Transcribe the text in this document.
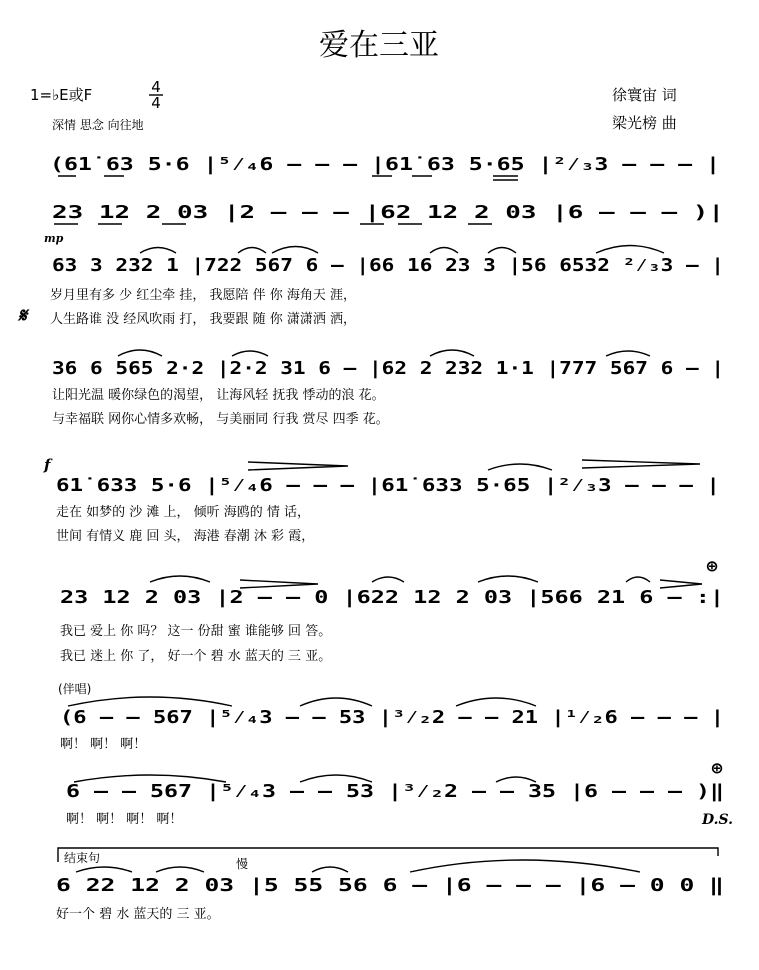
爱在三亚
1=♭E或F	4
4
深情 思念 向往地
徐寰宙 词
梁光榜 曲
(61̇ 63 5·6 |⁵⁄₄6 – – – |61̇ 63 5·65 |²⁄₃3 – – – |
23 12 2 03 |2 – – – |62 12 2 03 |6 – – – )|
mp
63 3 232 1 |722 567 6 – |66 16 23 3 |56 6532 ²⁄₃3 – |
岁月里有多 少 红尘牵 挂， 我愿陪 伴 你 海角天 涯，
𝄋 人生路谁 没 经风吹雨 打， 我要跟 随 你 潇潇洒 洒，
36 6 565 2·2 |2·2 31 6 – |62 2 232 1·1 |777 567 6 – |
让阳光温 暖你绿色的渴望， 让海风轻 抚我 悸动的浪 花。
与幸福联 网你心情多欢畅， 与美丽同 行我 赏尽 四季 花。
f
61̇ 633 5·6 |⁵⁄₄6 – – – |61̇ 633 5·65 |²⁄₃3 – – – |
走在 如梦的 沙 滩 上， 倾听 海鸥的 情 话，
世间 有情义 鹿 回 头， 海港 春潮 沐 彩 霞，
⊕
23 12 2 03 |2 – – 0 |622 12 2 03 |566 21 6 – :|
我已 爱上 你 吗？ 这一 份甜 蜜 谁能够 回 答。
我已 迷上 你 了， 好一个 碧 水 蓝天的 三 亚。
(伴唱)
(6 – – 567 |⁵⁄₄3 – – 53 |³⁄₂2 – – 21 |¹⁄₂6 – – – |
啊！ 啊！ 啊！
⊕
6 – – 567 |⁵⁄₄3 – – 53 |³⁄₂2 – – 35 |6 – – – )‖
啊！ 啊！ 啊！ 啊！	D.S.
结束句	慢
6 22 12 2 03 |5 55 56 6 – |6 – – – |6 – 0 0 ‖
好一个 碧 水 蓝天的 三 亚。
